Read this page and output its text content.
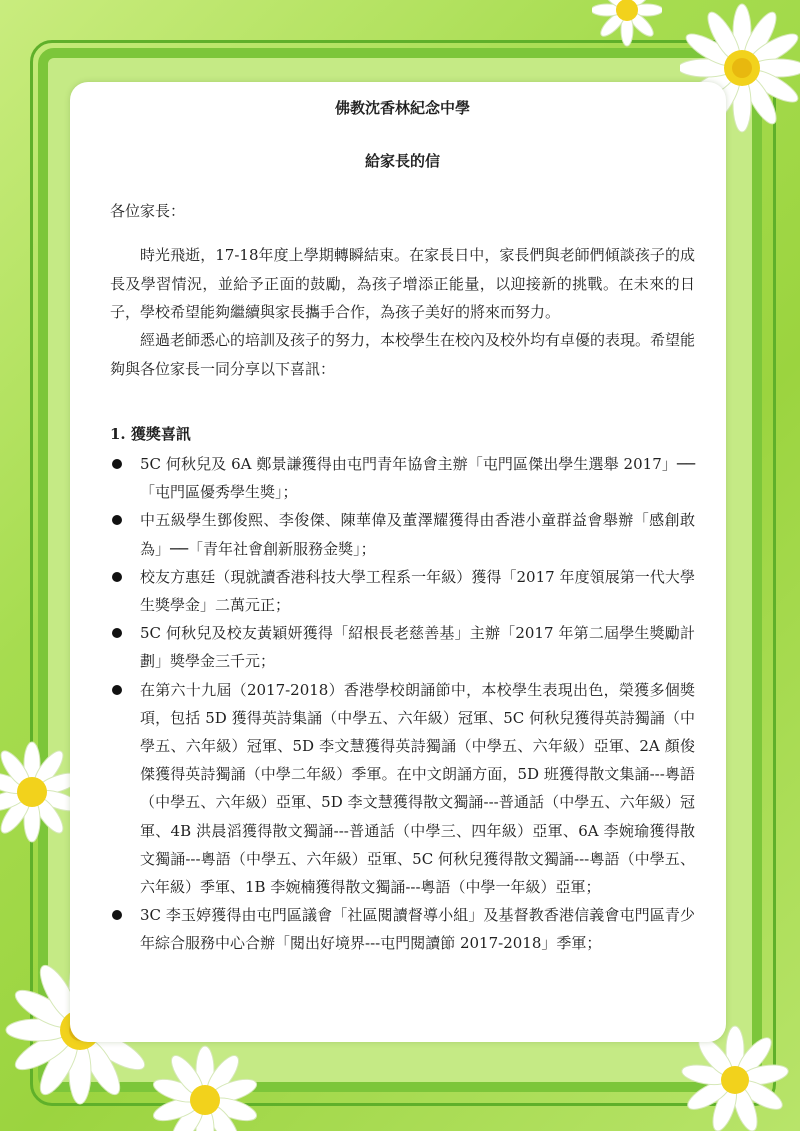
佛教沈香林紀念中學
給家長的信

各位家長：

時光飛逝，17-18年度上學期轉瞬結束。在家長日中，家長們與老師們傾談孩子的成長及學習情況，並給予正面的鼓勵，為孩子增添正能量，以迎接新的挑戰。在未來的日子，學校希望能夠繼續與家長攜手合作，為孩子美好的將來而努力。

經過老師悉心的培訓及孩子的努力，本校學生在校內及校外均有卓優的表現。希望能夠與各位家長一同分享以下喜訊：

1. 獲獎喜訊

5C 何秋兒及 6A 鄭景謙獲得由屯門青年協會主辦「屯門區傑出學生選舉 2017」──「屯門區優秀學生獎」；
中五級學生鄧俊熙、李俊傑、陳華偉及董澤耀獲得由香港小童群益會舉辦「感創敢為」──「青年社會創新服務金獎」；
校友方惠廷（現就讀香港科技大學工程系一年級）獲得「2017 年度領展第一代大學生獎學金」二萬元正；
5C 何秋兒及校友黃穎妍獲得「紹根長老慈善基」主辦「2017 年第二屆學生獎勵計劃」獎學金三千元；
在第六十九屆（2017-2018）香港學校朗誦節中，本校學生表現出色，榮獲多個獎項，包括 5D 獲得英詩集誦（中學五、六年級）冠軍、5C 何秋兒獲得英詩獨誦（中學五、六年級）冠軍、5D 李文慧獲得英詩獨誦（中學五、六年級）亞軍、2A 顏俊傑獲得英詩獨誦（中學二年級）季軍。在中文朗誦方面，5D 班獲得散文集誦---粵語（中學五、六年級）亞軍、5D 李文慧獲得散文獨誦---普通話（中學五、六年級）冠軍、4B 洪晨滔獲得散文獨誦---普通話（中學三、四年級）亞軍、6A 李婉瑜獲得散文獨誦---粵語（中學五、六年級）亞軍、5C 何秋兒獲得散文獨誦---粵語（中學五、六年級）季軍、1B 李婉楠獲得散文獨誦---粵語（中學一年級）亞軍；
3C 李玉婷獲得由屯門區議會「社區閱讀督導小組」及基督教香港信義會屯門區青少年綜合服務中心合辦「閱出好境界---屯門閱讀節 2017-2018」季軍；
